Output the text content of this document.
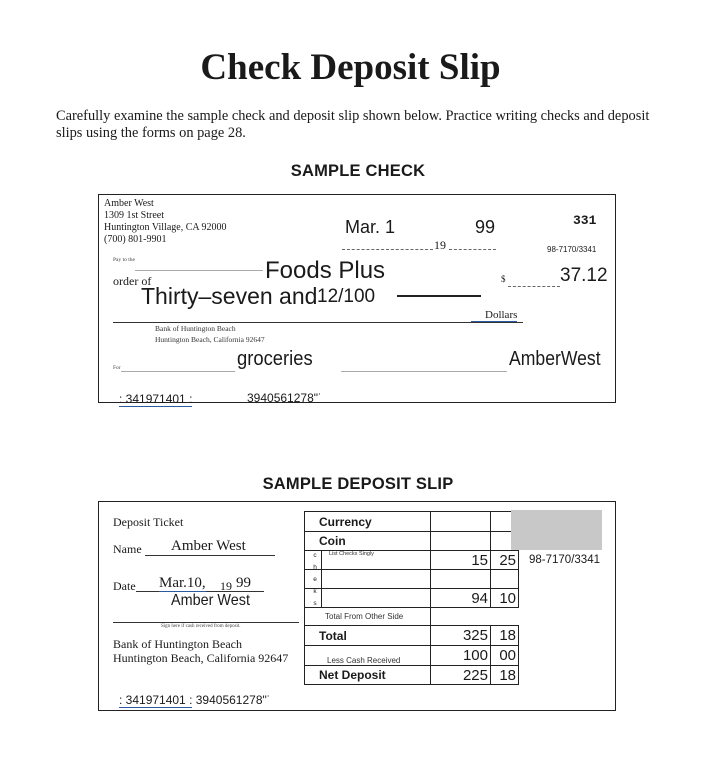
Check Deposit Slip
Carefully examine the sample check and deposit slip shown below. Practice writing checks and deposit slips using the forms on page 28.
SAMPLE CHECK
Amber West
1309 1st Street
Huntington Village, CA 92000
(700) 801-9901
Mar. 1	99
19
331
98-7170/3341
Pay to the
order of	Foods Plus	$	37.12
Thirty–seven and 12/100
Dollars
Bank of Huntington Beach
Huntington Beach, California 92647
For	groceries	AmberWest
: 341971401 :	3940561278"˙
SAMPLE DEPOSIT SLIP
Deposit Ticket
Name Amber West
Date Mar.10, 19 99
Amber West
Sign here if cash received from deposit.
Bank of Huntington Beach
Huntington Beach, California 92647
: 341971401 : 3940561278"˙
Currency		
Coin		
List Checks Singly	15	25

	94	10
Total From Other Side		
Total	325	18
Less Cash Received	100	00
Net Deposit	225	18
c
h
e
k
s
98-7170/3341
